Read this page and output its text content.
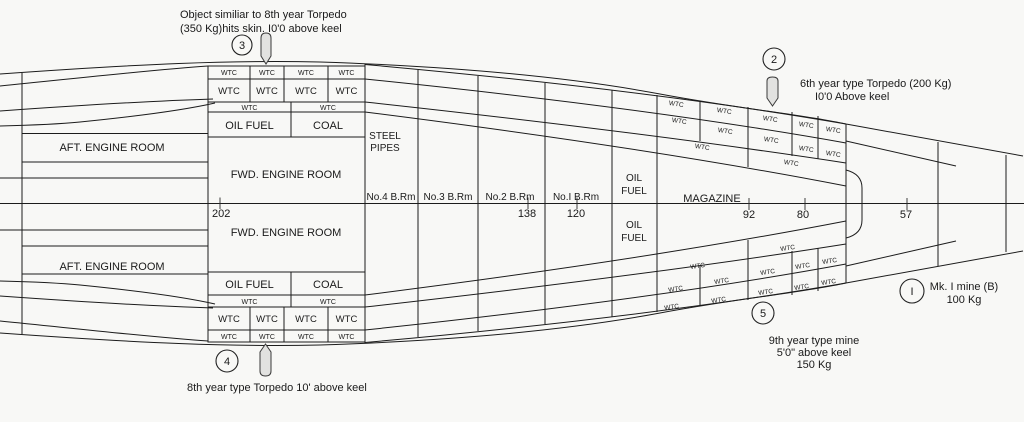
AFT. ENGINE ROOM
AFT. ENGINE ROOM
WTC	WTC	WTC	WTC
WTC WTC WTC WTC
WTC	WTC
OIL FUEL	COAL
OIL FUEL	COAL
WTC	WTC
WTC WTC WTC WTC
WTC	WTC	WTC	WTC
FWD. ENGINE ROOM
FWD. ENGINE ROOM
STEEL
PIPES
No.4 B.Rm No.3 B.Rm No.2 B.Rm No.I B.Rm
OIL
FUEL
OIL
FUEL
MAGAZINE
202	138	120	92	80	57
WTC
WTC
WTC
WTC
WTC
WTC
WTC
WTC
WTC
WTC
WTC
WTC
WTC
WTC
WTC
WTC
WTC
WTC
WTC
WTC
WTC
WTC
WTC
WTC
3
2
4
5
I
Object similiar to 8th year Torpedo
(350 Kg)hits skin. I0'0 above keel
6th year type Torpedo (200 Kg)
I0'0 Above keel
8th year type Torpedo 10' above keel
9th year type mine
5'0" above keel
150 Kg
Mk. I mine (B)
100 Kg
